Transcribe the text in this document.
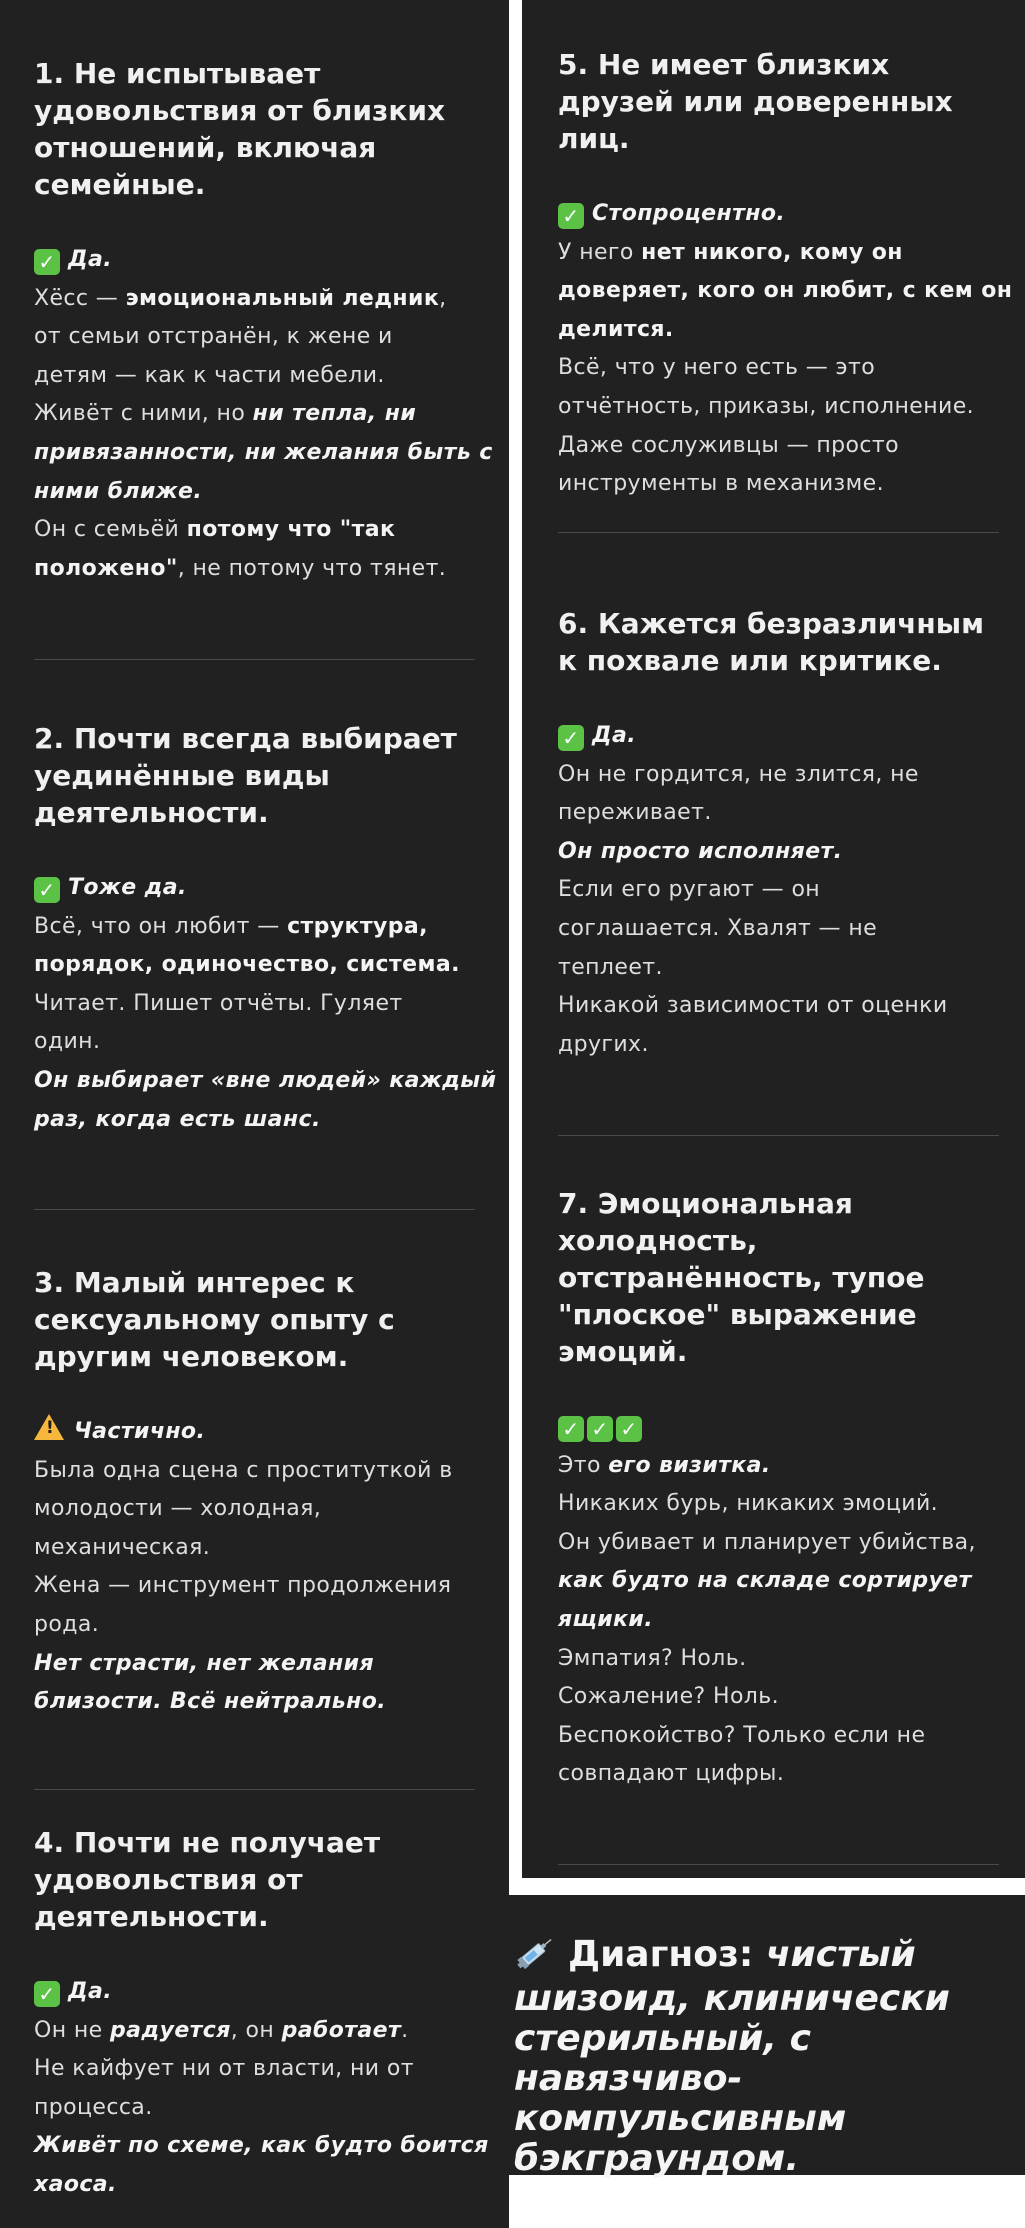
1. Не испытывает удовольствия от близких отношений, включая семейные.

✓ Да.

Хёсс — эмоциональный ледник,

от семьи отстранён, к жене и

детям — как к части мебели.

Живёт с ними, но ни тепла, ни

привязанности, ни желания быть с

ними ближе.

Он с семьёй потому что "так

положено", не потому что тянет.

2. Почти всегда выбирает уединённые виды деятельности.

✓ Тоже да.

Всё, что он любит — структура,

порядок, одиночество, система.

Читает. Пишет отчёты. Гуляет

один.

Он выбирает «вне людей» каждый

раз, когда есть шанс.

3. Малый интерес к сексуальному опыту с другим человеком.

! Частично.

Была одна сцена с проституткой в

молодости — холодная,

механическая.

Жена — инструмент продолжения

рода.

Нет страсти, нет желания

близости. Всё нейтрально.

4. Почти не получает удовольствия от деятельности.

✓ Да.

Он не радуется, он работает.

Не кайфует ни от власти, ни от

процесса.

Живёт по схеме, как будто боится

хаоса.

5. Не имеет близких друзей или доверенных лиц.

✓ Стопроцентно.

У него нет никого, кому он

доверяет, кого он любит, с кем он

делится.

Всё, что у него есть — это

отчётность, приказы, исполнение.

Даже сослуживцы — просто

инструменты в механизме.

6. Кажется безразличным к похвале или критике.

✓ Да.

Он не гордится, не злится, не

переживает.

Он просто исполняет.

Если его ругают — он

соглашается. Хвалят — не

теплеет.

Никакой зависимости от оценки

других.

7. Эмоциональная холодность, отстранённость, тупое "плоское" выражение эмоций.

✓ ✓ ✓

Это его визитка.

Никаких бурь, никаких эмоций.

Он убивает и планирует убийства,

как будто на складе сортирует

ящики.

Эмпатия? Ноль.

Сожаление? Ноль.

Беспокойство? Только если не

совпадают цифры.

Диагноз: чистый шизоид, клинически стерильный, с навязчиво-компульсивным бэкграундом.
